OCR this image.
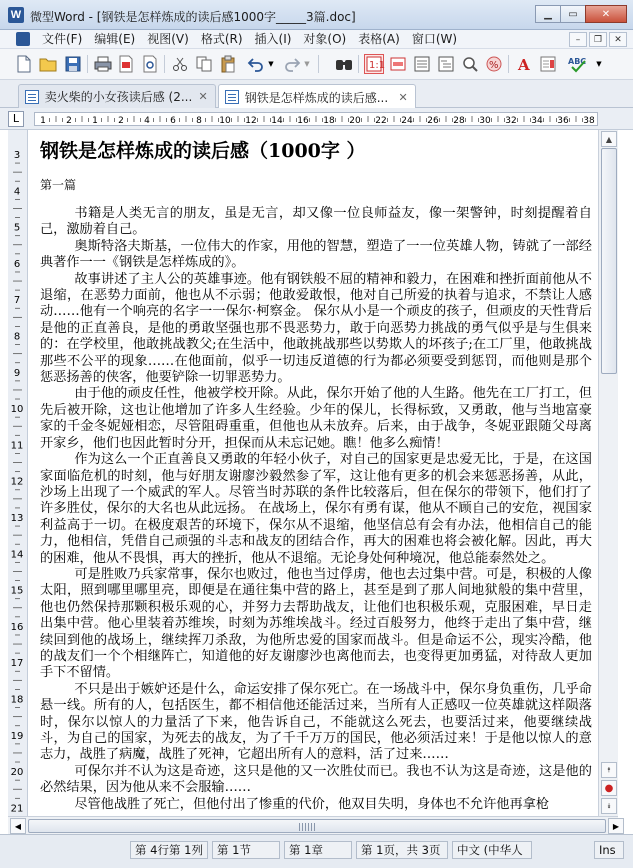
W 微型Word - [钢铁是怎样炼成的读后感1000字_____3篇.doc]	▁ ▭ ✕
文件(F)	编辑(E)	视图(V)	格式(R)	插入(I)	对象(O)	表格(A)	窗口(W)	–	❐	✕
▼	▼	1:1	% A	ABC ▼
卖火柴的小女孩读后感 (2... ✕	钢铁是怎样炼成的读后感... ✕
L	1 2 1 2 4 6 8 10 12 14 16 18 20 22 24 26 28 30 32 34 36 38
3
4
5
6
7
8
9
10
11
12
13
14
15
16
17
18
19
20
21
钢铁是怎样炼成的读后感（1000字 ）
第一篇

书籍是人类无言的朋友，虽是无言，却又像一位良师益友，像一架警钟，时刻提醒着自己，激励着自己。

奥斯特洛夫斯基，一位伟大的作家，用他的智慧，塑造了一一位英雄人物，铸就了一部经典著作一一《钢铁是怎样炼成的》。

故事讲述了主人公的英雄事迹。他有钢铁般不屈的精神和毅力，在困难和挫折面前他从不退缩，在恶势力面前，他也从不示弱；他敢爱敢恨，他对自己所爱的执着与追求，不禁让人感动……他有一个响亮的名字一一保尔·柯察金。 保尔从小是一个顽皮的孩子，但顽皮的天性背后是他的正直善良，是他的勇敢坚强也那不畏恶势力，敢于向恶势力挑战的勇气似乎是与生俱来的：在学校里，他敢挑战教父;在生活中，他敢挑战那些以势欺人的坏孩子;在工厂里，他敢挑战那些不公平的现象……在他面前，似乎一切违反道德的行为都必须要受到惩罚，而他则是那个惩恶扬善的侠客，他要铲除一切罪恶势力。

由于他的顽皮任性，他被学校开除。从此，保尔开始了他的人生路。他先在工厂打工，但先后被开除，这也让他增加了许多人生经验。少年的保儿，长得标致，又勇敢，他与当地富豪家的千金冬妮娅相恋，尽管阻碍重重，但他也从未放弃。后来，由于战争，冬妮亚跟随父母离开家乡，他们也因此暂时分开，担保而从未忘记她。瞧！他多么痴情！

作为这么一个正直善良又勇敢的年轻小伙子，对自己的国家更是忠爱无比，于是，在这国家面临危机的时刻，他与好朋友谢廖沙毅然参了军，这让他有更多的机会来惩恶扬善，从此，沙场上出现了一个威武的军人。尽管当时苏联的条件比较落后，但在保尔的带领下，他们打了许多胜仗，保尔的大名也从此远扬。 在战场上，保尔有勇有谋，他从不顾自己的安危，视国家利益高于一切。在极度艰苦的环境下，保尔从不退缩，他坚信总有会有办法，他相信自己的能力，他相信，凭借自己顽强的斗志和战友的团结合作，再大的困难也将会被化解。因此，再大的困难，他从不畏惧，再大的挫折，他从不退缩。无论身处何种境况，他总能泰然处之。

可是胜败乃兵家常事，保尔也败过，他也当过俘虏，他也去过集中营。可是，积极的人像太阳，照到哪里哪里亮，即便是在通往集中营的路上，甚至是到了那人间地狱般的集中营里，他也仍然保持那颗积极乐观的心，并努力去帮助战友，让他们也积极乐观，克服困难，早日走出集中营。他心里装着苏维埃，时刻为苏维埃战斗。经过百般努力，他终于走出了集中营，继续回到他的战场上，继续挥刀杀敌，为他所忠爱的国家而战斗。但是命运不公，现实冷酷，他的战友们一个个相继阵亡，知道他的好友谢廖沙也离他而去，也变得更加勇猛，对待敌人更加手下不留情。

不只是出于嫉妒还是什么，命运安排了保尔死亡。在一场战斗中，保尔身负重伤，几乎命悬一线。所有的人，包括医生，都不相信他还能活过来，当所有人正感叹一位英雄就这样陨落时，保尔以惊人的力量活了下来，他告诉自己，不能就这么死去，也要活过来，他要继续战斗，为自己的国家，为死去的战友，为了千千万万的国民，他必须活过来！于是他以惊人的意志力，战胜了病魔，战胜了死神，它超出所有人的意料，活了过来……

可保尔并不认为这是奇迹，这只是他的又一次胜仗而已。我也不认为这是奇迹，这是他的必然结果，因为他从来不会服输……

尽管他战胜了死亡，但他付出了惨重的代价，他双目失明，身体也不允许他再拿枪

▲
⯭
●
⯯
◀	▶
第 4行第 1列	第 1节	第 1章	第 1页，共 3页	中文 (中华人	Ins
